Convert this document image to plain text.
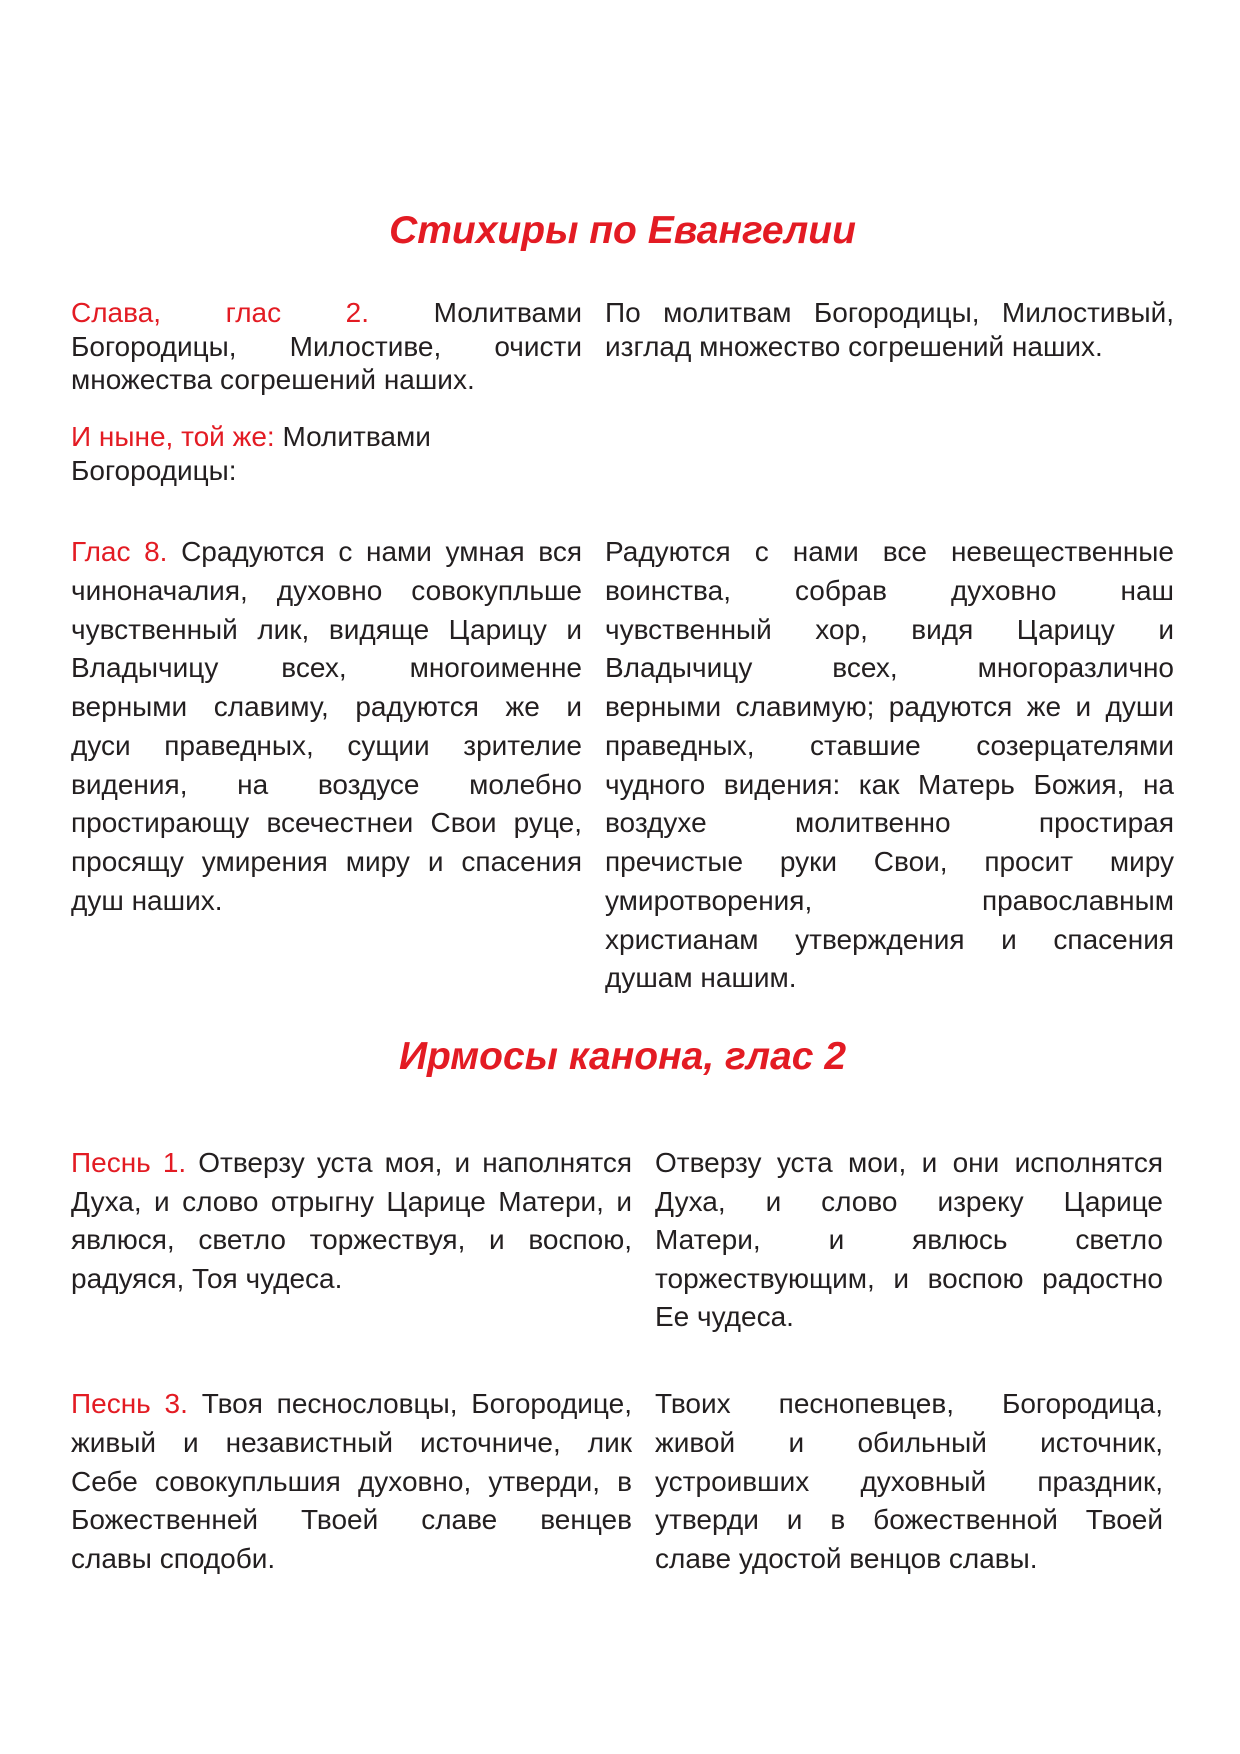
Стихиры по Евангелии
Слава, глас 2. Молитвами
Богородицы, Милостиве, очисти
множества согрешений наших.
И ныне, той же: Молитвами
Богородицы:
По молитвам Богородицы, Милостивый,
изглад множество согрешений наших.
Глас 8. Срадуются с нами умная вся
чиноначалия, духовно совокупльше
чувственный лик, видяще Царицу и
Владычицу всех, многоименне
верными славиму, радуются же и
дуси праведных, сущии зрителие
видения, на воздусе молебно
простирающу всечестнеи Свои руце,
просящу умирения миру и спасения
душ наших.
Радуются с нами все невещественные
воинства, собрав духовно наш
чувственный хор, видя Царицу и
Владычицу всех, многоразлично
верными славимую; радуются же и души
праведных, ставшие созерцателями
чудного видения: как Матерь Божия, на
воздухе молитвенно простирая
пречистые руки Свои, просит миру
умиротворения, православным
христианам утверждения и спасения
душам нашим.
Ирмосы канона, глас 2
Песнь 1. Отверзу уста моя, и наполнятся
Духа, и слово отрыгну Царице Матери, и
явлюся, светло торжествуя, и воспою,
радуяся, Тоя чудеса.
Отверзу уста мои, и они исполнятся
Духа, и слово изреку Царице
Матери, и явлюсь светло
торжествующим, и воспою радостно
Ее чудеса.
Песнь 3. Твоя песнословцы, Богородице,
живый и независтный источниче, лик
Себе совокупльшия духовно, утверди, в
Божественней Твоей славе венцев
славы сподоби.
Твоих песнопевцев, Богородица,
живой и обильный источник,
устроивших духовный праздник,
утверди и в божественной Твоей
славе удостой венцов славы.
